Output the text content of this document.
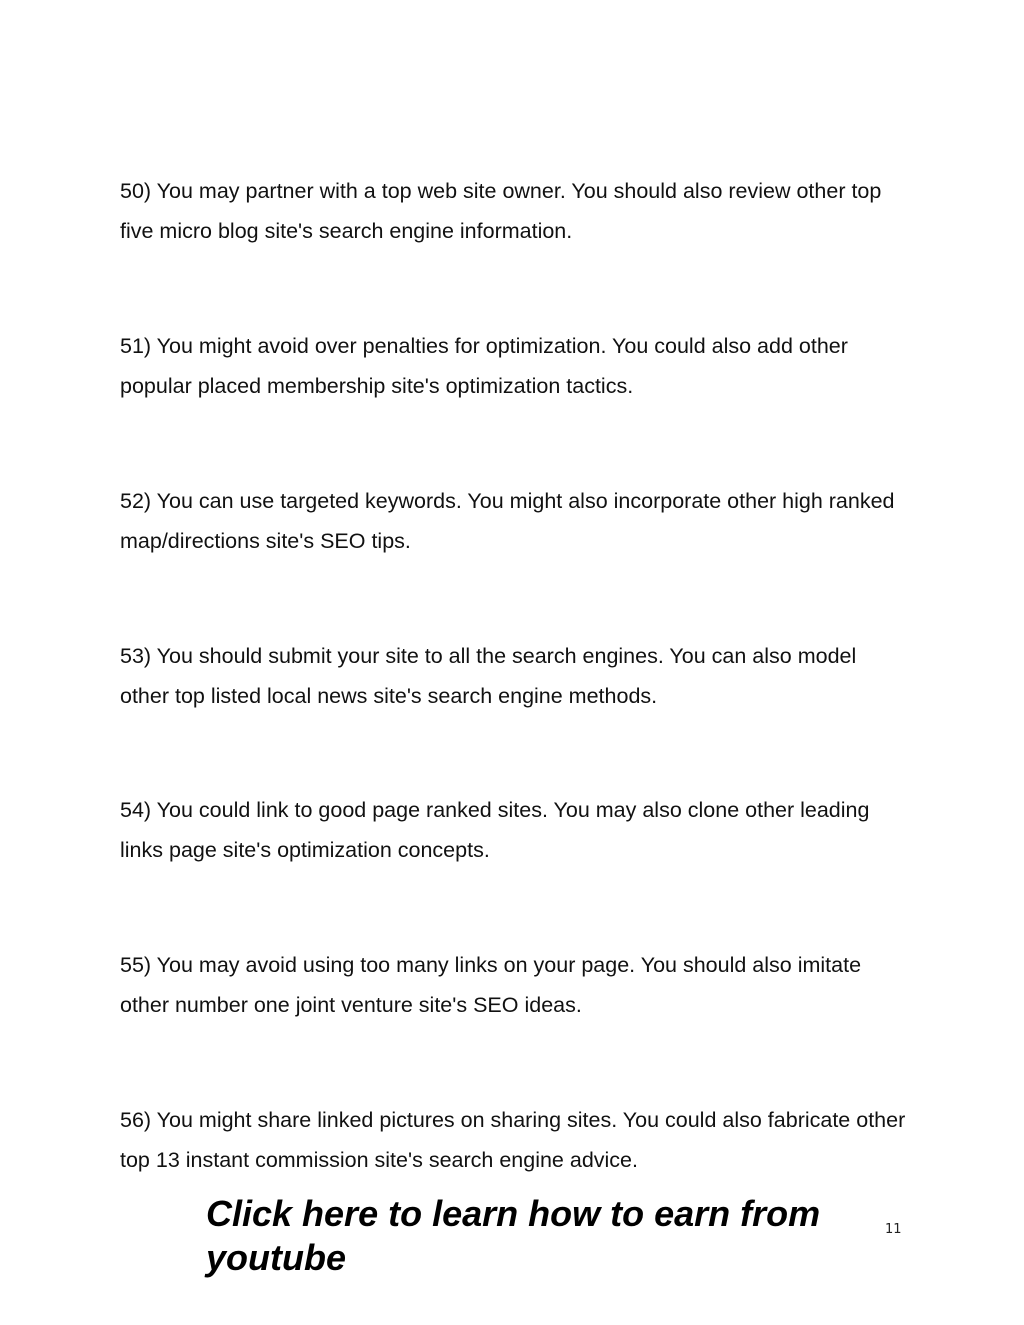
50) You may partner with a top web site owner. You should also review other top five micro blog site's search engine information.

51) You might avoid over penalties for optimization. You could also add other popular placed membership site's optimization tactics.

52) You can use targeted keywords. You might also incorporate other high ranked map/directions site's SEO tips.

53) You should submit your site to all the search engines. You can also model other top listed local news site's search engine methods.

54) You could link to good page ranked sites. You may also clone other leading links page site's optimization concepts.

55) You may avoid using too many links on your page. You should also imitate other number one joint venture site's SEO ideas.

56) You might share linked pictures on sharing sites. You could also fabricate other top 13 instant commission site's search engine advice.

Click here to learn how to earn from youtube
11
